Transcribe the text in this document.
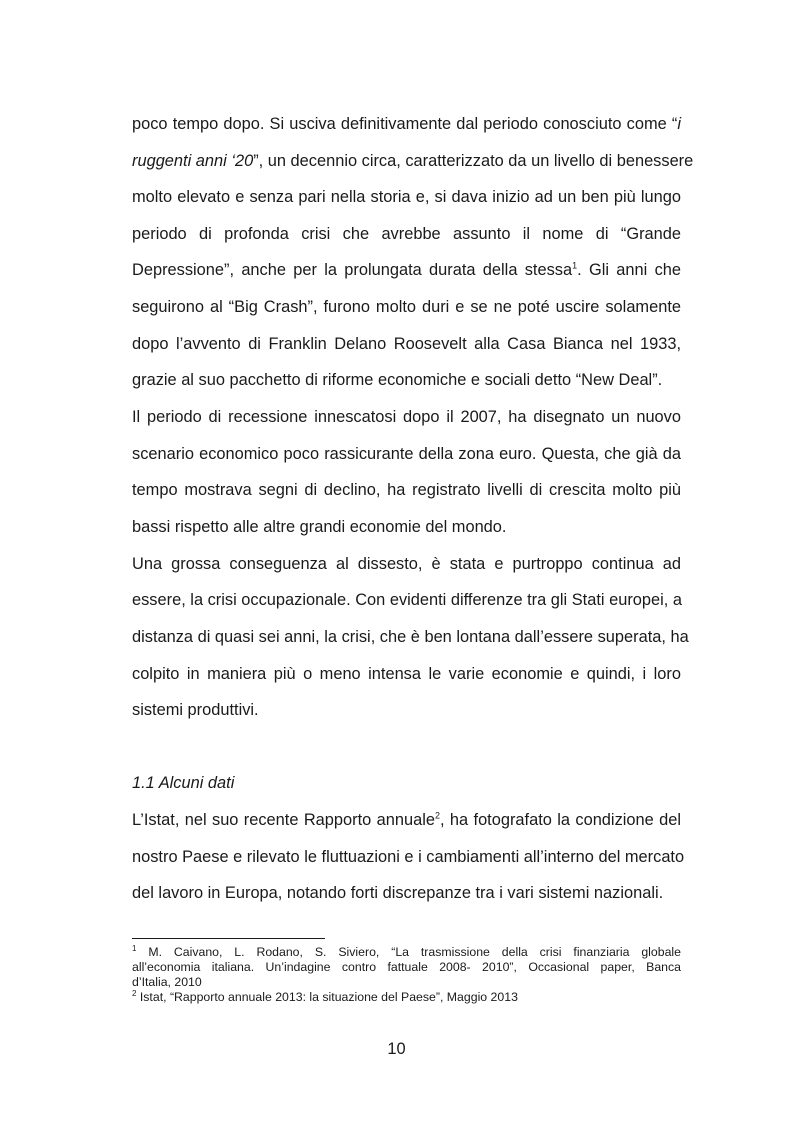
poco tempo dopo. Si usciva definitivamente dal periodo conosciuto come “i
ruggenti anni ‘20”, un decennio circa, caratterizzato da un livello di benessere
molto elevato e senza pari nella storia e, si dava inizio ad un ben più lungo
periodo di profonda crisi che avrebbe assunto il nome di “Grande
Depressione”, anche per la prolungata durata della stessa$^1$. Gli anni che
seguirono al “Big Crash”, furono molto duri e se ne poté uscire solamente
dopo l’avvento di Franklin Delano Roosevelt alla Casa Bianca nel 1933,
grazie al suo pacchetto di riforme economiche e sociali detto “New Deal”.
Il periodo di recessione innescatosi dopo il 2007, ha disegnato un nuovo
scenario economico poco rassicurante della zona euro. Questa, che già da
tempo mostrava segni di declino, ha registrato livelli di crescita molto più
bassi rispetto alle altre grandi economie del mondo.
Una grossa conseguenza al dissesto, è stata e purtroppo continua ad
essere, la crisi occupazionale. Con evidenti differenze tra gli Stati europei, a
distanza di quasi sei anni, la crisi, che è ben lontana dall’essere superata, ha
colpito in maniera più o meno intensa le varie economie e quindi, i loro
sistemi produttivi.
1.1 Alcuni dati
L’Istat, nel suo recente Rapporto annuale$^2$, ha fotografato la condizione del
nostro Paese e rilevato le fluttuazioni e i cambiamenti all’interno del mercato
del lavoro in Europa, notando forti discrepanze tra i vari sistemi nazionali.
$^1$ M. Caivano, L. Rodano, S. Siviero, “La trasmissione della crisi finanziaria globale
all’economia italiana. Un’indagine contro fattuale 2008- 2010”, Occasional paper, Banca
d’Italia, 2010
$^2$ Istat, “Rapporto annuale 2013: la situazione del Paese”, Maggio 2013
10
